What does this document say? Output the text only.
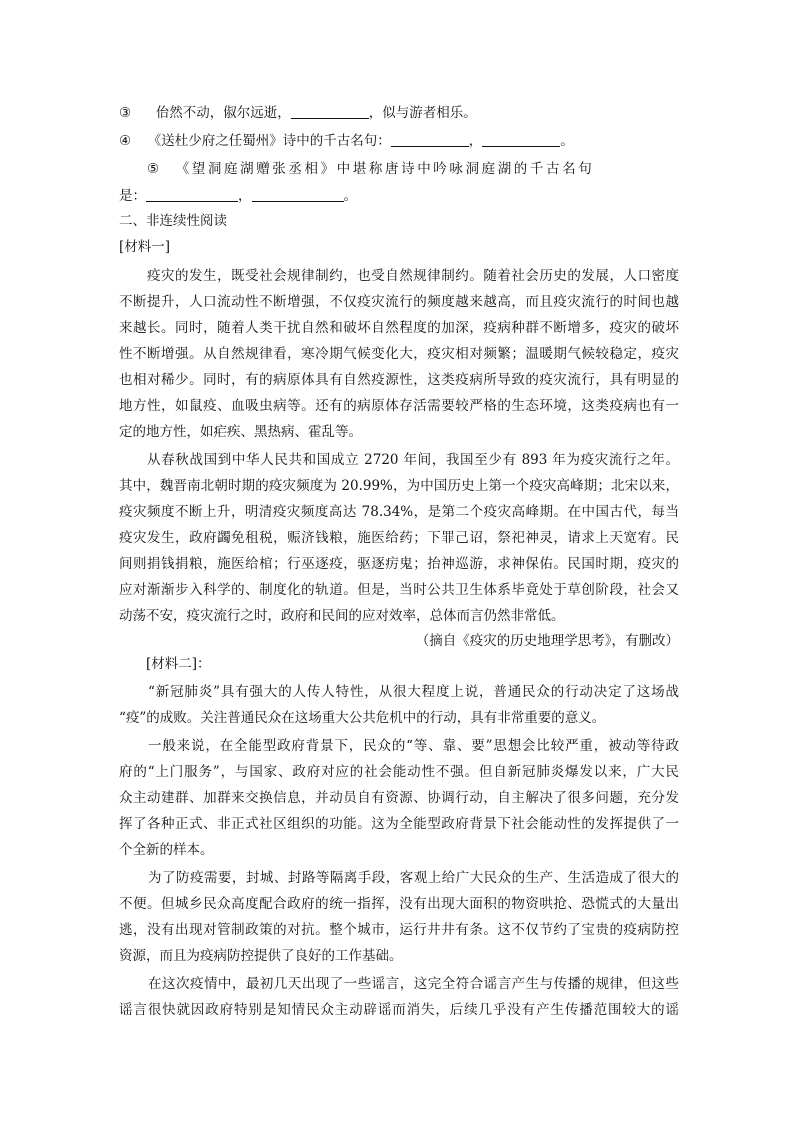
③ 佁然不动，俶尔远逝，	，似与游者相乐。
④ 《送杜少府之任蜀州》诗中的千古名句：	，	。
⑤ 《望洞庭湖赠张丞相》中堪称唐诗中吟咏洞庭湖的千古名句
是：	，	。
二、非连续性阅读
[材料一]
疫灾的发生，既受社会规律制约，也受自然规律制约。随着社会历史的发展，人口密度
不断提升，人口流动性不断增强，不仅疫灾流行的频度越来越高，而且疫灾流行的时间也越
来越长。同时，随着人类干扰自然和破坏自然程度的加深，疫病种群不断增多，疫灾的破坏
性不断增强。从自然规律看，寒冷期气候变化大，疫灾相对频繁；温暖期气候较稳定，疫灾
也相对稀少。同时，有的病原体具有自然疫源性，这类疫病所导致的疫灾流行，具有明显的
地方性，如鼠疫、血吸虫病等。还有的病原体存活需要较严格的生态环境，这类疫病也有一
定的地方性，如疟疾、黑热病、霍乱等。
从春秋战国到中华人民共和国成立 2720 年间，我国至少有 893 年为疫灾流行之年。
其中，魏晋南北朝时期的疫灾频度为 20.99%，为中国历史上第一个疫灾高峰期；北宋以来，
疫灾频度不断上升，明清疫灾频度高达 78.34%，是第二个疫灾高峰期。在中国古代，每当
疫灾发生，政府蠲免租税，赈济钱粮，施医给药；下罪己诏，祭祀神灵，请求上天宽宥。民
间则捐钱捐粮，施医给棺；行巫逐疫，驱逐疠鬼；抬神巡游，求神保佑。民国时期，疫灾的
应对渐渐步入科学的、制度化的轨道。但是，当时公共卫生体系毕竟处于草创阶段，社会又
动荡不安，疫灾流行之时，政府和民间的应对效率，总体而言仍然非常低。
（摘自《疫灾的历史地理学思考》，有删改）
[材料二]：
“新冠肺炎”具有强大的人传人特性，从很大程度上说，普通民众的行动决定了这场战
“疫”的成败。关注普通民众在这场重大公共危机中的行动，具有非常重要的意义。
一般来说，在全能型政府背景下，民众的“等、靠、要”思想会比较严重，被动等待政
府的“上门服务”，与国家、政府对应的社会能动性不强。但自新冠肺炎爆发以来，广大民
众主动建群、加群来交换信息，并动员自有资源、协调行动，自主解决了很多问题，充分发
挥了各种正式、非正式社区组织的功能。这为全能型政府背景下社会能动性的发挥提供了一
个全新的样本。
为了防疫需要，封城、封路等隔离手段，客观上给广大民众的生产、生活造成了很大的
不便。但城乡民众高度配合政府的统一指挥，没有出现大面积的物资哄抢、恐慌式的大量出
逃，没有出现对管制政策的对抗。整个城市，运行井井有条。这不仅节约了宝贵的疫病防控
资源，而且为疫病防控提供了良好的工作基础。
在这次疫情中，最初几天出现了一些谣言，这完全符合谣言产生与传播的规律，但这些
谣言很快就因政府特别是知情民众主动辟谣而消失，后续几乎没有产生传播范围较大的谣
